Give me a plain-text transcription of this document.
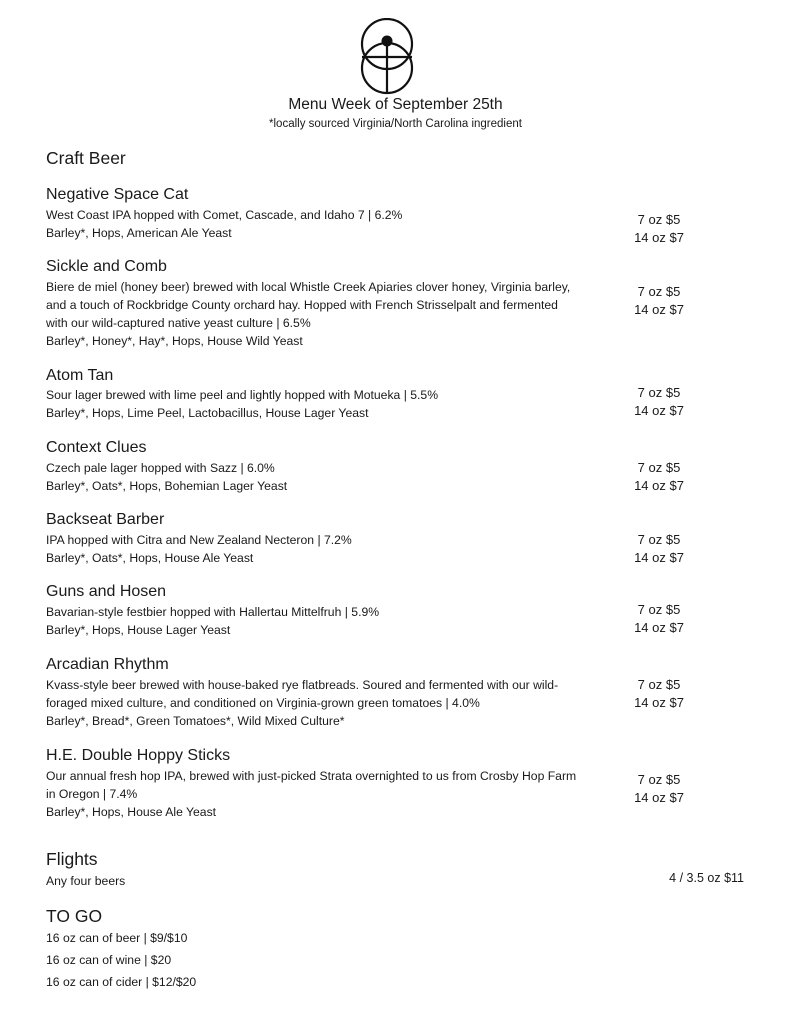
Menu Week of September 25th
*locally sourced Virginia/North Carolina ingredient
Craft Beer
Negative Space Cat
West Coast IPA hopped with Comet, Cascade, and Idaho 7 | 6.2%
Barley*, Hops, American Ale Yeast
7 oz $5
14 oz $7
Sickle and Comb
Biere de miel (honey beer) brewed with local Whistle Creek Apiaries clover honey, Virginia barley,
and a touch of Rockbridge County orchard hay. Hopped with French Strisselpalt and fermented
with our wild-captured native yeast culture | 6.5%
Barley*, Honey*, Hay*, Hops, House Wild Yeast
7 oz $5
14 oz $7
Atom Tan
Sour lager brewed with lime peel and lightly hopped with Motueka | 5.5%
Barley*, Hops, Lime Peel, Lactobacillus, House Lager Yeast
7 oz $5
14 oz $7
Context Clues
Czech pale lager hopped with Sazz | 6.0%
Barley*, Oats*, Hops, Bohemian Lager Yeast
7 oz $5
14 oz $7
Backseat Barber
IPA hopped with Citra and New Zealand Necteron | 7.2%
Barley*, Oats*, Hops, House Ale Yeast
7 oz $5
14 oz $7
Guns and Hosen
Bavarian-style festbier hopped with Hallertau Mittelfruh | 5.9%
Barley*, Hops, House Lager Yeast
7 oz $5
14 oz $7
Arcadian Rhythm
Kvass-style beer brewed with house-baked rye flatbreads. Soured and fermented with our wild-
foraged mixed culture, and conditioned on Virginia-grown green tomatoes | 4.0%
Barley*, Bread*, Green Tomatoes*, Wild Mixed Culture*
7 oz $5
14 oz $7
H.E. Double Hoppy Sticks
Our annual fresh hop IPA, brewed with just-picked Strata overnighted to us from Crosby Hop Farm
in Oregon | 7.4%
Barley*, Hops, House Ale Yeast
7 oz $5
14 oz $7
Flights
Any four beers	4 / 3.5 oz $11
TO GO
16 oz can of beer | $9/$10
16 oz can of wine | $20
16 oz can of cider | $12/$20
